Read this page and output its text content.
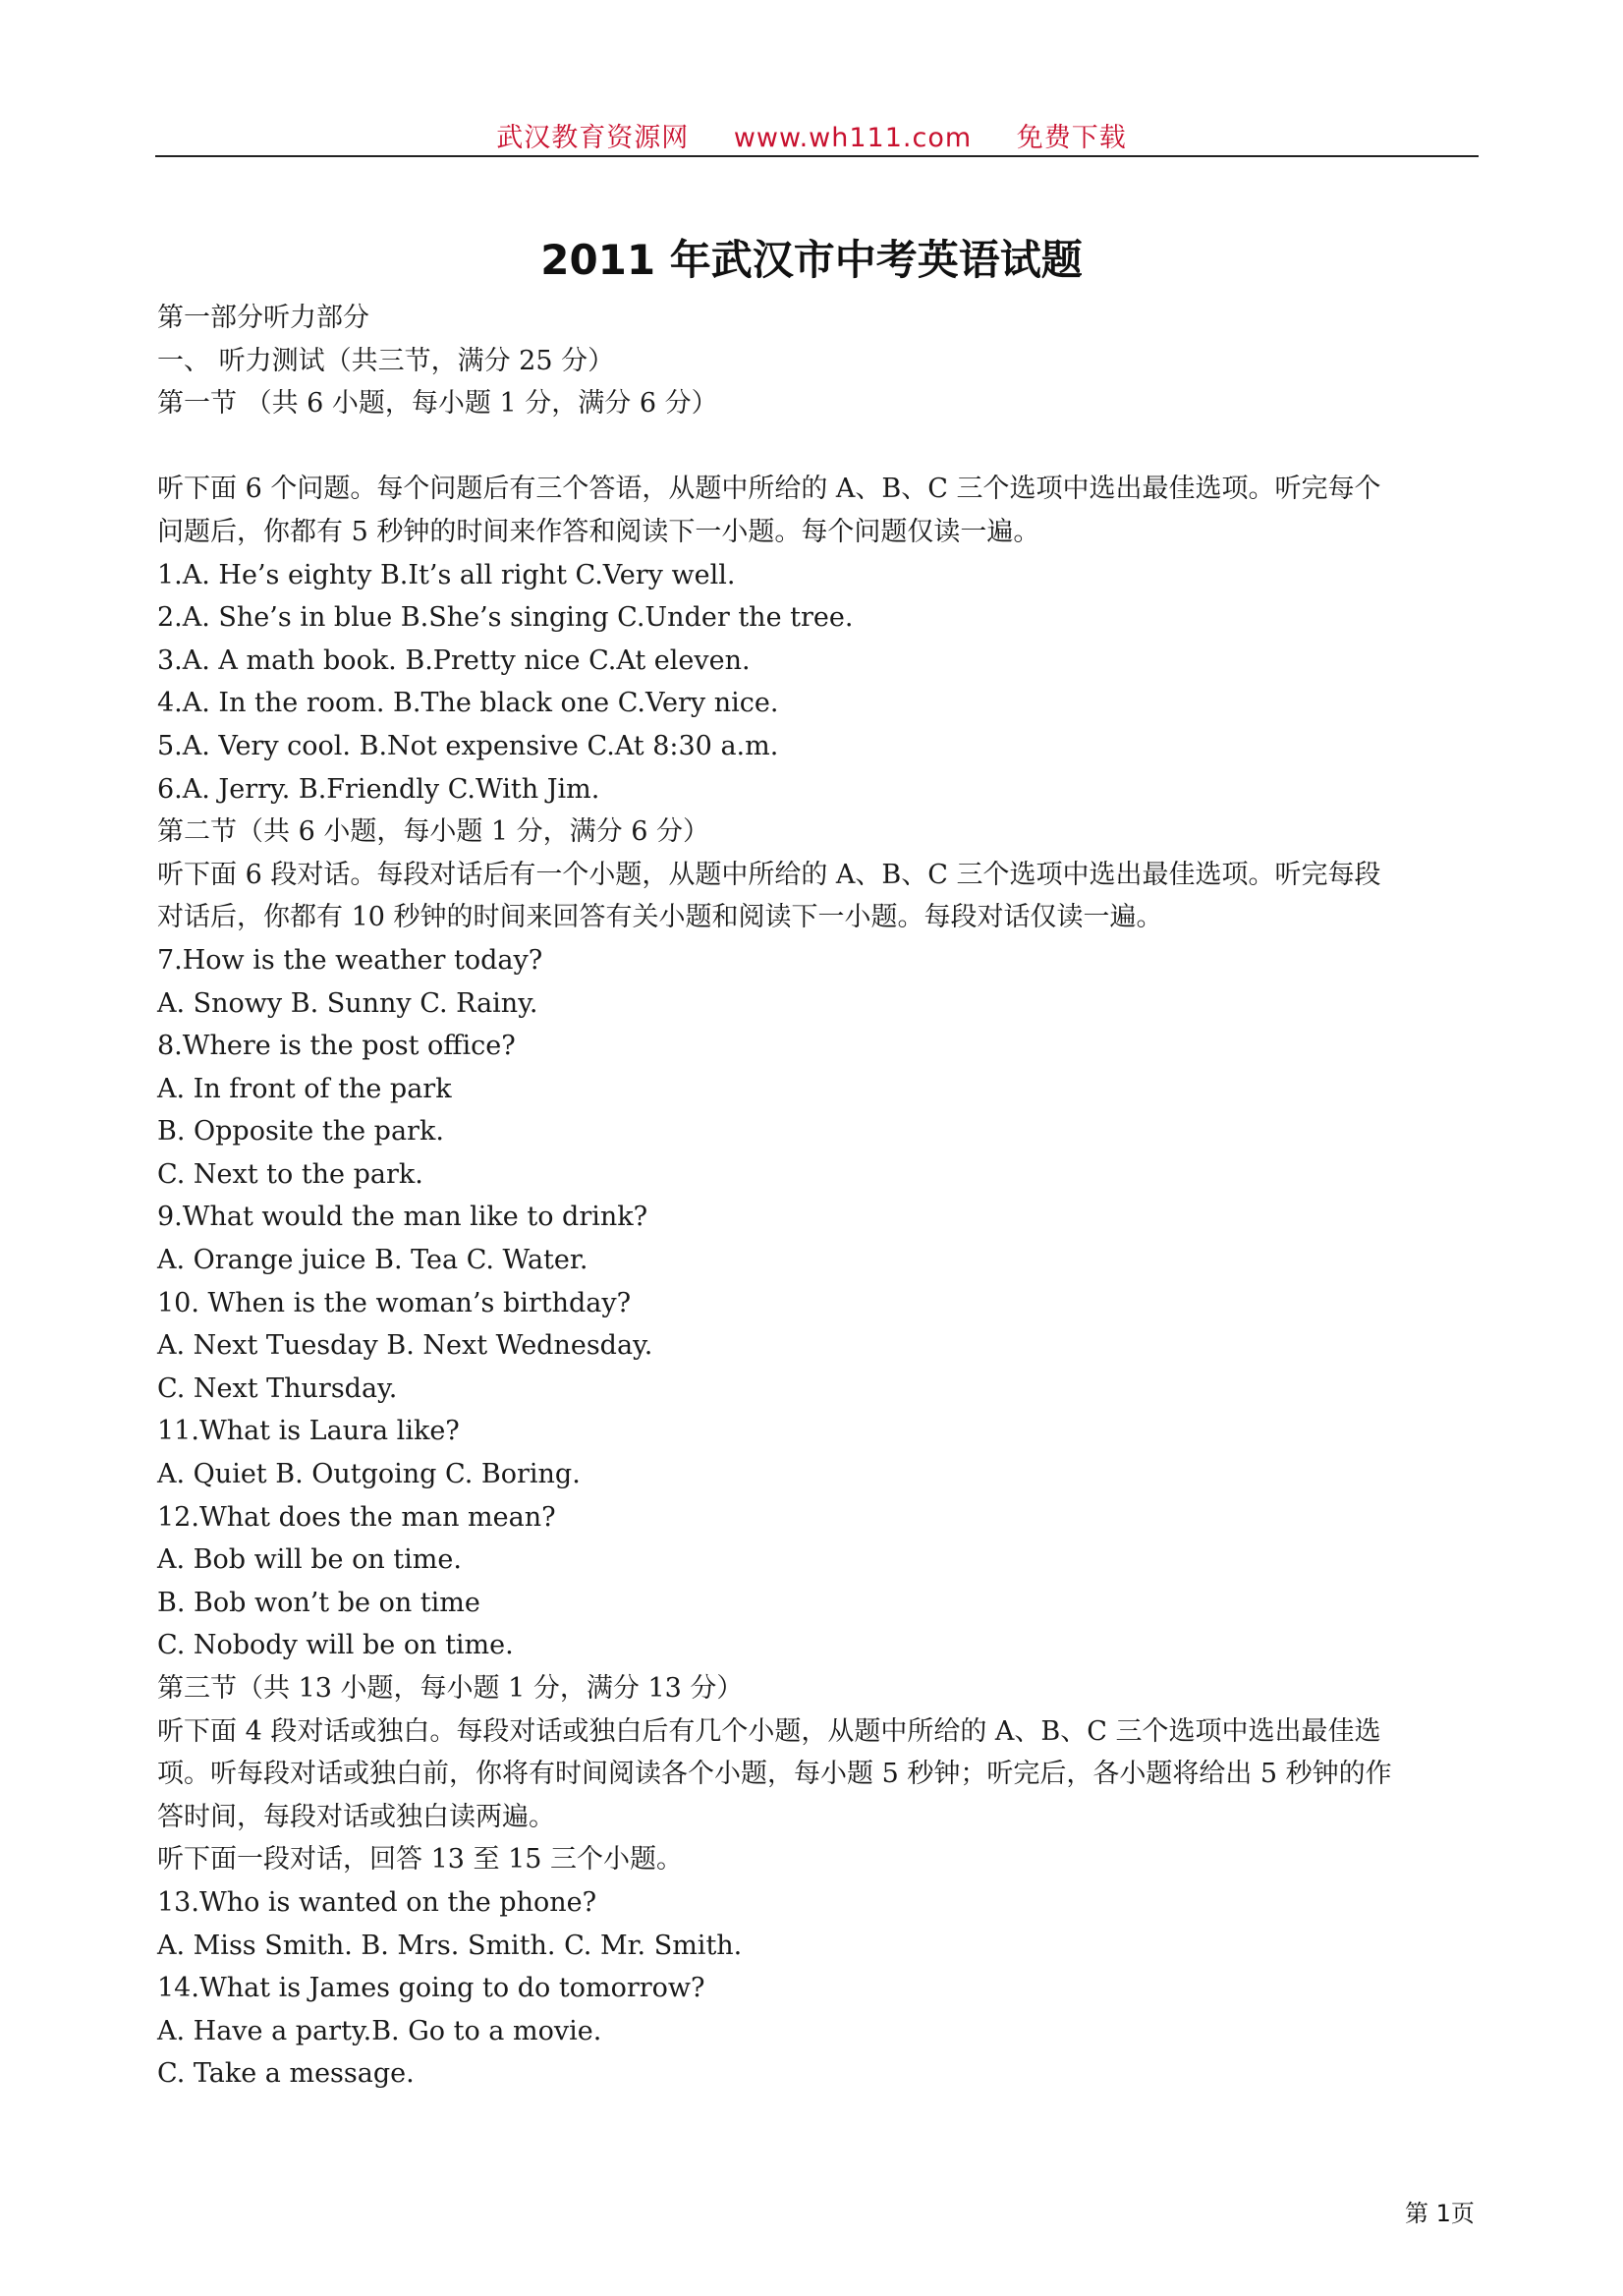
武汉教育资源网 www.wh111.com 免费下载
2011 年武汉市中考英语试题
第一部分听力部分
一、 听力测试（共三节，满分 25 分）
第一节 （共 6 小题，每小题 1 分，满分 6 分）
听下面 6 个问题。每个问题后有三个答语，从题中所给的 A、B、C 三个选项中选出最佳选项。听完每个
问题后，你都有 5 秒钟的时间来作答和阅读下一小题。每个问题仅读一遍。
1.A. He’s eighty B.It’s all right C.Very well.
2.A. She’s in blue B.She’s singing C.Under the tree.
3.A. A math book. B.Pretty nice C.At eleven.
4.A. In the room. B.The black one C.Very nice.
5.A. Very cool. B.Not expensive C.At 8:30 a.m.
6.A. Jerry. B.Friendly C.With Jim.
第二节（共 6 小题，每小题 1 分，满分 6 分）
听下面 6 段对话。每段对话后有一个小题，从题中所给的 A、B、C 三个选项中选出最佳选项。听完每段
对话后，你都有 10 秒钟的时间来回答有关小题和阅读下一小题。每段对话仅读一遍。
7.How is the weather today?
A. Snowy B. Sunny C. Rainy.
8.Where is the post office?
A. In front of the park
B. Opposite the park.
C. Next to the park.
9.What would the man like to drink?
A. Orange juice B. Tea C. Water.
10. When is the woman’s birthday?
A. Next Tuesday B. Next Wednesday.
C. Next Thursday.
11.What is Laura like?
A. Quiet B. Outgoing C. Boring.
12.What does the man mean?
A. Bob will be on time.
B. Bob won’t be on time
C. Nobody will be on time.
第三节（共 13 小题，每小题 1 分，满分 13 分）
听下面 4 段对话或独白。每段对话或独白后有几个小题，从题中所给的 A、B、C 三个选项中选出最佳选
项。听每段对话或独白前，你将有时间阅读各个小题，每小题 5 秒钟；听完后，各小题将给出 5 秒钟的作
答时间，每段对话或独白读两遍。
听下面一段对话，回答 13 至 15 三个小题。
13.Who is wanted on the phone?
A. Miss Smith. B. Mrs. Smith. C. Mr. Smith.
14.What is James going to do tomorrow?
A. Have a party.B. Go to a movie.
C. Take a message.
第 1页
